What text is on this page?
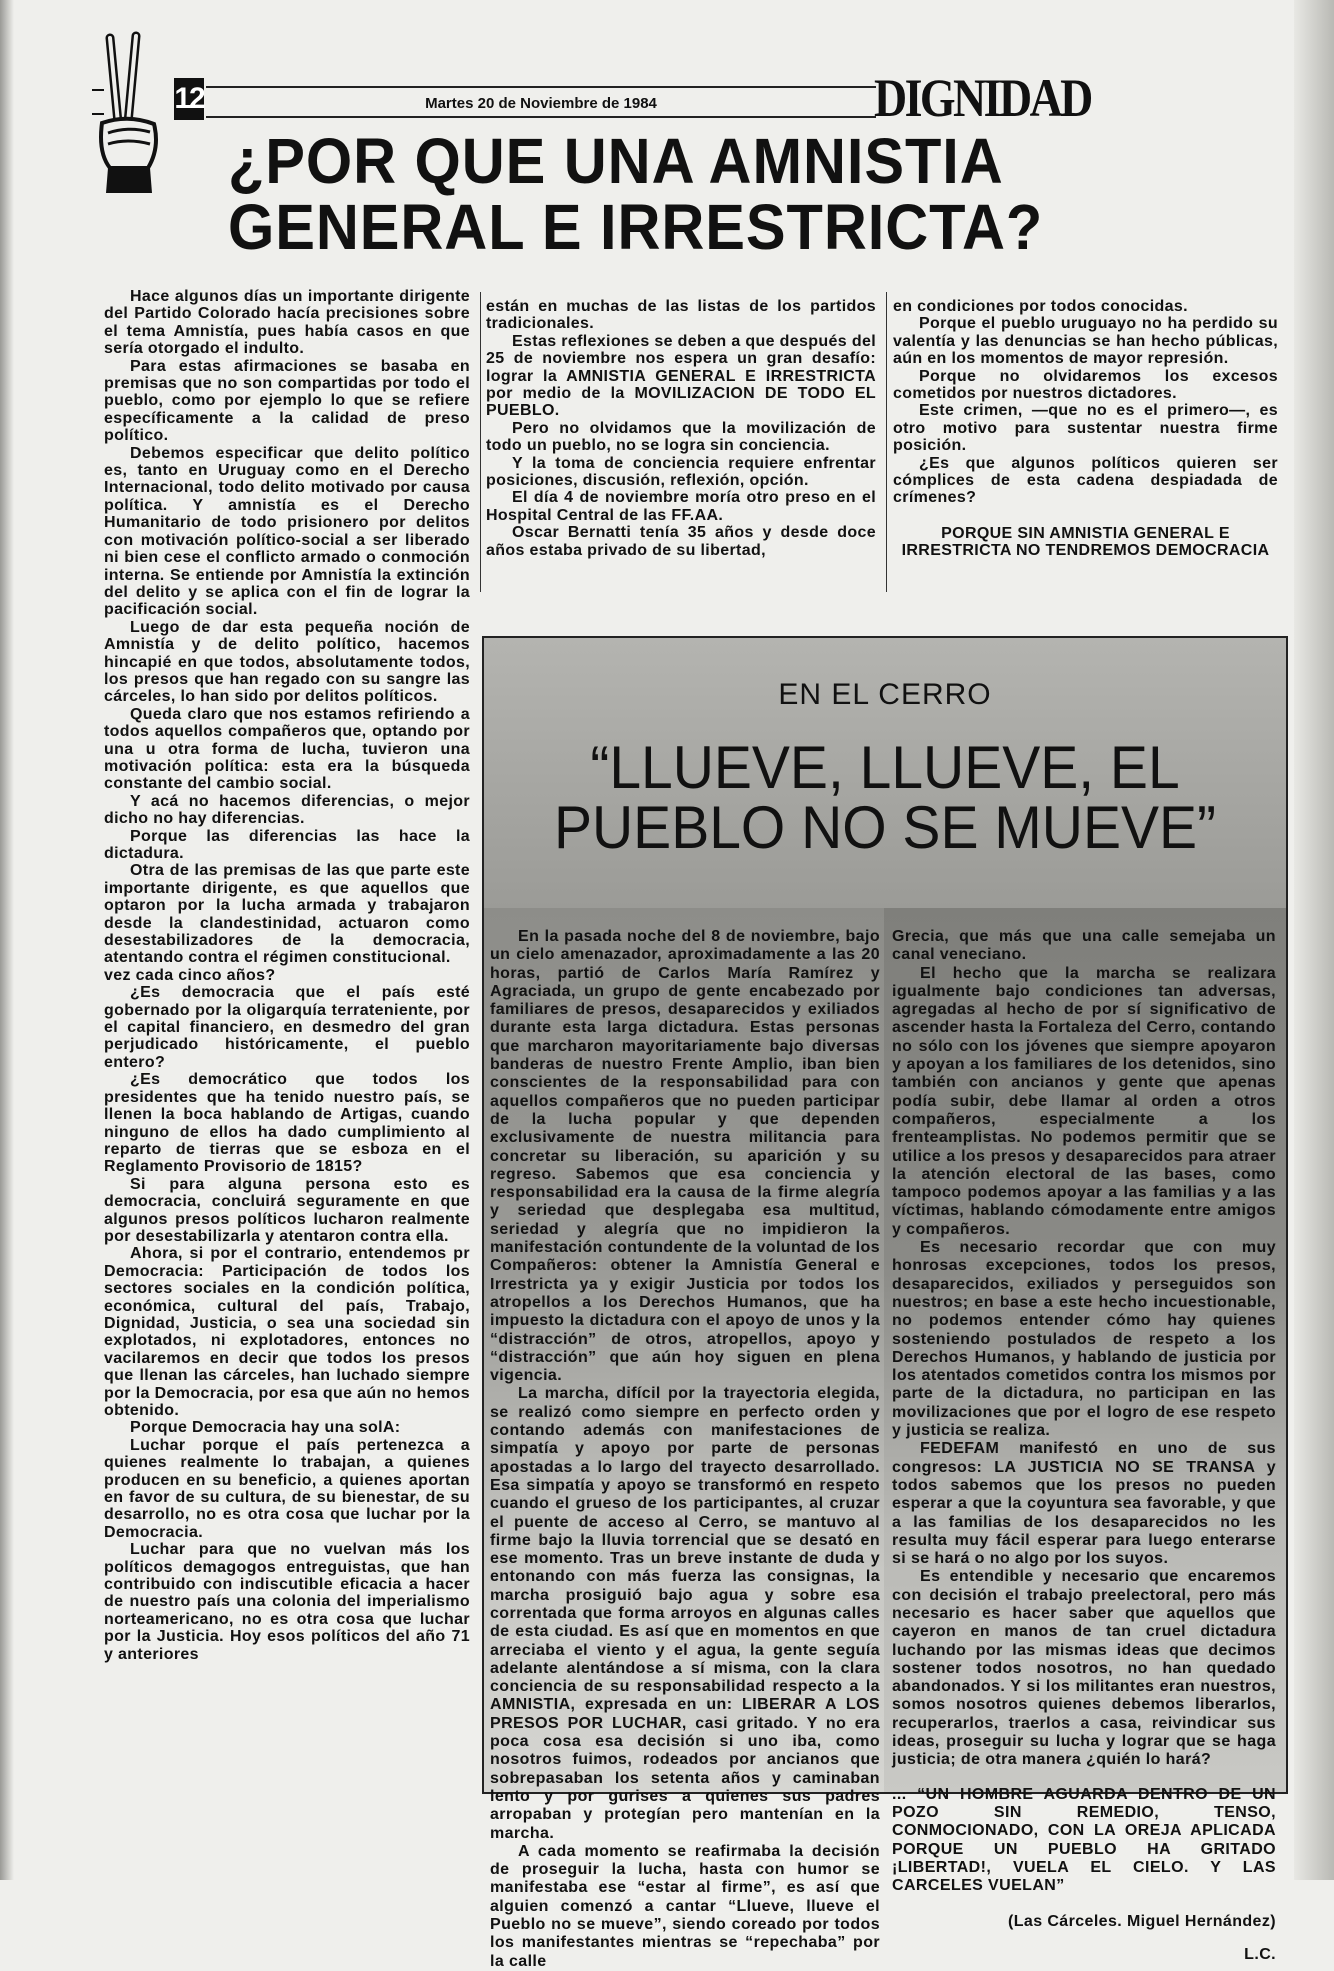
12	Martes 20 de Noviembre de 1984	DIGNIDAD
¿POR QUE UNA AMNISTIA
GENERAL E IRRESTRICTA?

Hace algunos días un importante dirigente del Partido Colorado hacía precisiones sobre el tema Amnistía, pues había casos en que sería otorgado el indulto.

Para estas afirmaciones se basaba en premisas que no son compartidas por todo el pueblo, como por ejemplo lo que se refiere específicamente a la calidad de preso político.

Debemos especificar que delito político es, tanto en Uruguay como en el Derecho Internacional, todo delito motivado por causa política. Y amnistía es el Derecho Humanitario de todo prisionero por delitos con motivación político-social a ser liberado ni bien cese el conflicto armado o conmoción interna. Se entiende por Amnistía la extinción del delito y se aplica con el fin de lograr la pacificación social.

Luego de dar esta pequeña noción de Amnistía y de delito político, hacemos hincapié en que todos, absolutamente todos, los presos que han regado con su sangre las cárceles, lo han sido por delitos políticos.

Queda claro que nos estamos refiriendo a todos aquellos compañeros que, optando por una u otra forma de lucha, tuvieron una motivación política: esta era la búsqueda constante del cambio social.

Y acá no hacemos diferencias, o mejor dicho no hay diferencias.

Porque las diferencias las hace la dictadura.

Otra de las premisas de las que parte este importante dirigente, es que aquellos que optaron por la lucha armada y trabajaron desde la clandestinidad, actuaron como desestabilizadores de la democracia, atentando contra el régimen constitucional.

vez cada cinco años?

¿Es democracia que el país esté gobernado por la oligarquía terrateniente, por el capital financiero, en desmedro del gran perjudicado históricamente, el pueblo entero?

¿Es democrático que todos los presidentes que ha tenido nuestro país, se llenen la boca hablando de Artigas, cuando ninguno de ellos ha dado cumplimiento al reparto de tierras que se esboza en el Reglamento Provisorio de 1815?

Si para alguna persona esto es democracia, concluirá seguramente en que algunos presos políticos lucharon realmente por desestabilizarla y atentaron contra ella.

Ahora, si por el contrario, entendemos pr Democracia: Participación de todos los sectores sociales en la condición política, económica, cultural del país, Trabajo, Dignidad, Justicia, o sea una sociedad sin explotados, ni explotadores, entonces no vacilaremos en decir que todos los presos que llenan las cárceles, han luchado siempre por la Democracia, por esa que aún no hemos obtenido.

Porque Democracia hay una solA:

Luchar porque el país pertenezca a quienes realmente lo trabajan, a quienes producen en su beneficio, a quienes aportan en favor de su cultura, de su bienestar, de su desarrollo, no es otra cosa que luchar por la Democracia.

Luchar para que no vuelvan más los políticos demagogos entreguistas, que han contribuido con indiscutible eficacia a hacer de nuestro país una colonia del imperialismo norteamericano, no es otra cosa que luchar por la Justicia. Hoy esos políticos del año 71 y anteriores

están en muchas de las listas de los partidos tradicionales.

Estas reflexiones se deben a que después del 25 de noviembre nos espera un gran desafío: lograr la AMNISTIA GENERAL E IRRESTRICTA por medio de la MOVILIZACION DE TODO EL PUEBLO.

Pero no olvidamos que la movilización de todo un pueblo, no se logra sin conciencia.

Y la toma de conciencia requiere enfrentar posiciones, discusión, reflexión, opción.

El día 4 de noviembre moría otro preso en el Hospital Central de las FF.AA.

Oscar Bernatti tenía 35 años y desde doce años estaba privado de su libertad,

en condiciones por todos conocidas.

Porque el pueblo uruguayo no ha perdido su valentía y las denuncias se han hecho públicas, aún en los momentos de mayor represión.

Porque no olvidaremos los excesos cometidos por nuestros dictadores.

Este crimen, —que no es el primero—, es otro motivo para sustentar nuestra firme posición.

¿Es que algunos políticos quieren ser cómplices de esta cadena despiadada de crímenes?

PORQUE SIN AMNISTIA GENERAL E IRRESTRICTA NO TENDREMOS DEMOCRACIA
EN EL CERRO
“LLUEVE, LLUEVE, EL
PUEBLO NO SE MUEVE”

En la pasada noche del 8 de noviembre, bajo un cielo amenazador, aproximadamente a las 20 horas, partió de Carlos María Ramírez y Agraciada, un grupo de gente encabezado por familiares de presos, desaparecidos y exiliados durante esta larga dictadura. Estas personas que marcharon mayoritariamente bajo diversas banderas de nuestro Frente Amplio, iban bien conscientes de la responsabilidad para con aquellos compañeros que no pueden participar de la lucha popular y que dependen exclusivamente de nuestra militancia para concretar su liberación, su aparición y su regreso. Sabemos que esa conciencia y responsabilidad era la causa de la firme alegría y seriedad que desplegaba esa multitud, seriedad y alegría que no impidieron la manifestación contundente de la voluntad de los Compañeros: obtener la Amnistía General e Irrestricta ya y exigir Justicia por todos los atropellos a los Derechos Humanos, que ha impuesto la dictadura con el apoyo de unos y la “distracción” de otros, atropellos, apoyo y “distracción” que aún hoy siguen en plena vigencia.

La marcha, difícil por la trayectoria elegida, se realizó como siempre en perfecto orden y contando además con manifestaciones de simpatía y apoyo por parte de personas apostadas a lo largo del trayecto desarrollado. Esa simpatía y apoyo se transformó en respeto cuando el grueso de los participantes, al cruzar el puente de acceso al Cerro, se mantuvo al firme bajo la lluvia torrencial que se desató en ese momento. Tras un breve instante de duda y entonando con más fuerza las consignas, la marcha prosiguió bajo agua y sobre esa correntada que forma arroyos en algunas calles de esta ciudad. Es así que en momentos en que arreciaba el viento y el agua, la gente seguía adelante alentándose a sí misma, con la clara conciencia de su responsabilidad respecto a la AMNISTIA, expresada en un: LIBERAR A LOS PRESOS POR LUCHAR, casi gritado. Y no era poca cosa esa decisión si uno iba, como nosotros fuimos, rodeados por ancianos que sobrepasaban los setenta años y caminaban lento y por gurises a quienes sus padres arropaban y protegían pero mantenían en la marcha.

A cada momento se reafirmaba la decisión de proseguir la lucha, hasta con humor se manifestaba ese “estar al firme”, es así que alguien comenzó a cantar “Llueve, llueve el Pueblo no se mueve”, siendo coreado por todos los manifestantes mientras se “repechaba” por la calle

Grecia, que más que una calle semejaba un canal veneciano.

El hecho que la marcha se realizara igualmente bajo condiciones tan adversas, agregadas al hecho de por sí significativo de ascender hasta la Fortaleza del Cerro, contando no sólo con los jóvenes que siempre apoyaron y apoyan a los familiares de los detenidos, sino también con ancianos y gente que apenas podía subir, debe llamar al orden a otros compañeros, especialmente a los frenteamplistas. No podemos permitir que se utilice a los presos y desaparecidos para atraer la atención electoral de las bases, como tampoco podemos apoyar a las familias y a las víctimas, hablando cómodamente entre amigos y compañeros.

Es necesario recordar que con muy honrosas excepciones, todos los presos, desaparecidos, exiliados y perseguidos son nuestros; en base a este hecho incuestionable, no podemos entender cómo hay quienes sosteniendo postulados de respeto a los Derechos Humanos, y hablando de justicia por los atentados cometidos contra los mismos por parte de la dictadura, no participan en las movilizaciones que por el logro de ese respeto y justicia se realiza.

FEDEFAM manifestó en uno de sus congresos: LA JUSTICIA NO SE TRANSA y todos sabemos que los presos no pueden esperar a que la coyuntura sea favorable, y que a las familias de los desaparecidos no les resulta muy fácil esperar para luego enterarse si se hará o no algo por los suyos.

Es entendible y necesario que encaremos con decisión el trabajo preelectoral, pero más necesario es hacer saber que aquellos que cayeron en manos de tan cruel dictadura luchando por las mismas ideas que decimos sostener todos nosotros, no han quedado abandonados. Y si los militantes eran nuestros, somos nosotros quienes debemos liberarlos, recuperarlos, traerlos a casa, reivindicar sus ideas, proseguir su lucha y lograr que se haga justicia; de otra manera ¿quién lo hará?

... “UN HOMBRE AGUARDA DENTRO DE UN POZO SIN REMEDIO, TENSO, CONMOCIONADO, CON LA OREJA APLICADA PORQUE UN PUEBLO HA GRITADO ¡LIBERTAD!, VUELA EL CIELO. Y LAS CARCELES VUELAN”

(Las Cárceles. Miguel Hernández)

L.C.
